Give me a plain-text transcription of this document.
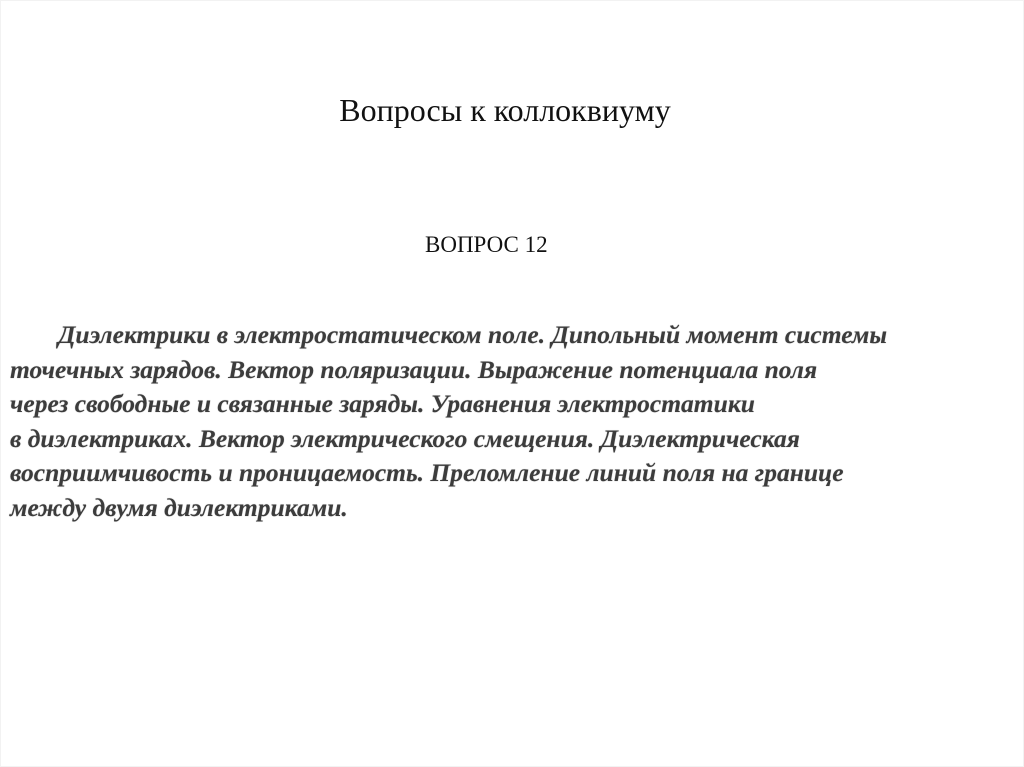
Вопросы к коллоквиуму
ВОПРОС 12

Диэлектрики в электростатическом поле. Дипольный момент системы
точечных зарядов. Вектор поляризации. Выражение потенциала поля
через свободные и связанные заряды. Уравнения электростатики
в диэлектриках. Вектор электрического смещения. Диэлектрическая
восприимчивость и проницаемость. Преломление линий поля на границе
между двумя диэлектриками.
